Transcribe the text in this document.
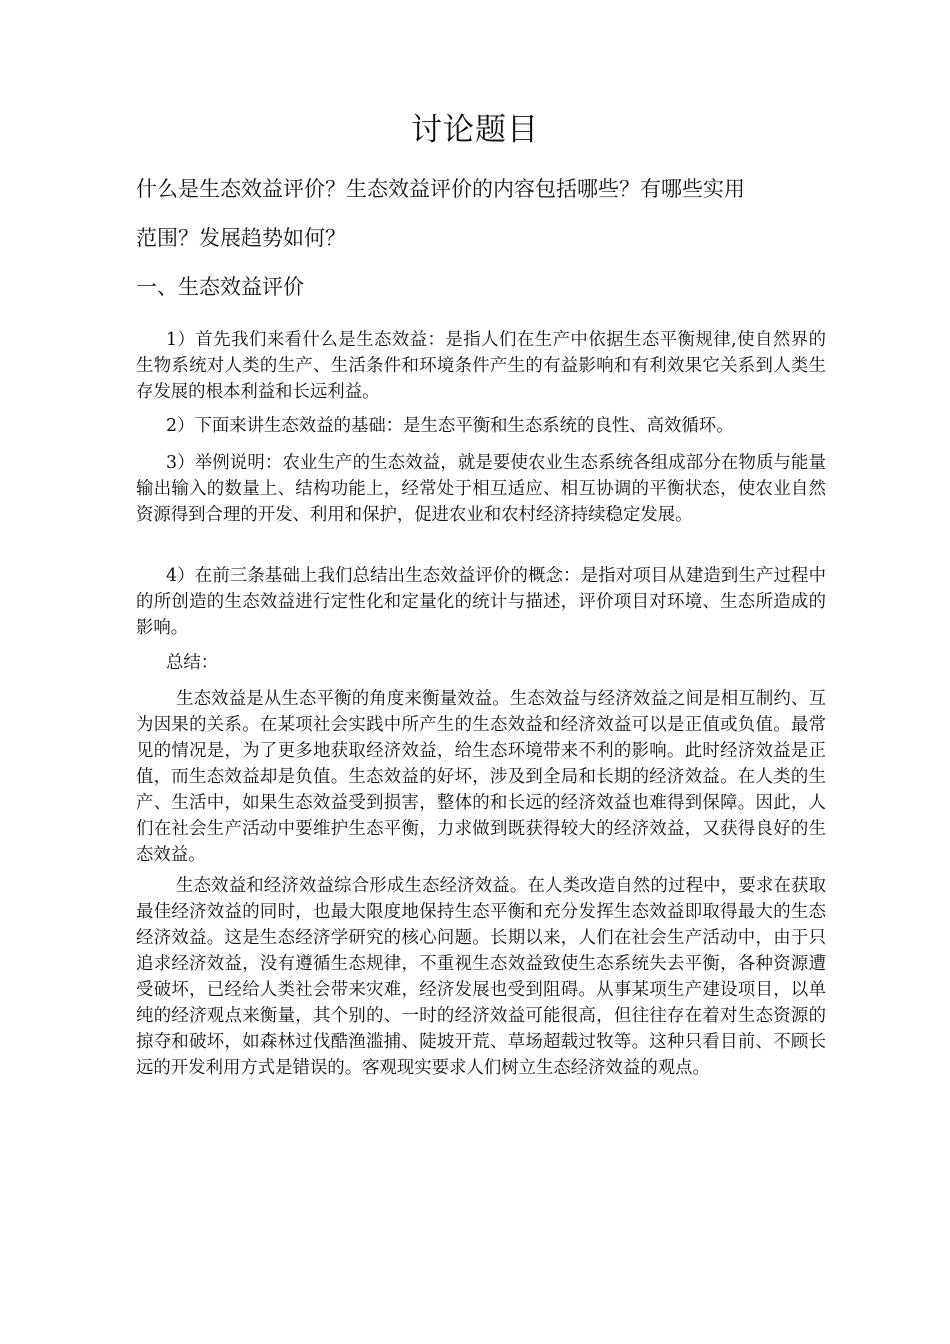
讨论题目
什么是生态效益评价？生态效益评价的内容包括哪些？有哪些实用
范围？发展趋势如何？
一、生态效益评价

1）首先我们来看什么是生态效益：是指人们在生产中依据生态平衡规律,使自然界的生物系统对人类的生产、生活条件和环境条件产生的有益影响和有利效果它关系到人类生存发展的根本利益和长远利益。

2）下面来讲生态效益的基础：是生态平衡和生态系统的良性、高效循环。

3）举例说明：农业生产的生态效益，就是要使农业生态系统各组成部分在物质与能量输出输入的数量上、结构功能上，经常处于相互适应、相互协调的平衡状态，使农业自然资源得到合理的开发、利用和保护，促进农业和农村经济持续稳定发展。

4）在前三条基础上我们总结出生态效益评价的概念：是指对项目从建造到生产过程中的所创造的生态效益进行定性化和定量化的统计与描述，评价项目对环境、生态所造成的影响。

总结：

生态效益是从生态平衡的角度来衡量效益。生态效益与经济效益之间是相互制约、互为因果的关系。在某项社会实践中所产生的生态效益和经济效益可以是正值或负值。最常见的情况是，为了更多地获取经济效益，给生态环境带来不利的影响。此时经济效益是正值，而生态效益却是负值。生态效益的好坏，涉及到全局和长期的经济效益。在人类的生产、生活中，如果生态效益受到损害，整体的和长远的经济效益也难得到保障。因此，人们在社会生产活动中要维护生态平衡，力求做到既获得较大的经济效益，又获得良好的生态效益。

生态效益和经济效益综合形成生态经济效益。在人类改造自然的过程中，要求在获取最佳经济效益的同时，也最大限度地保持生态平衡和充分发挥生态效益即取得最大的生态经济效益。这是生态经济学研究的核心问题。长期以来，人们在社会生产活动中，由于只追求经济效益，没有遵循生态规律，不重视生态效益致使生态系统失去平衡，各种资源遭受破坏，已经给人类社会带来灾难，经济发展也受到阻碍。从事某项生产建设项目，以单纯的经济观点来衡量，其个别的、一时的经济效益可能很高，但往往存在着对生态资源的掠夺和破坏，如森林过伐酷渔滥捕、陡坡开荒、草场超载过牧等。这种只看目前、不顾长远的开发利用方式是错误的。客观现实要求人们树立生态经济效益的观点。
